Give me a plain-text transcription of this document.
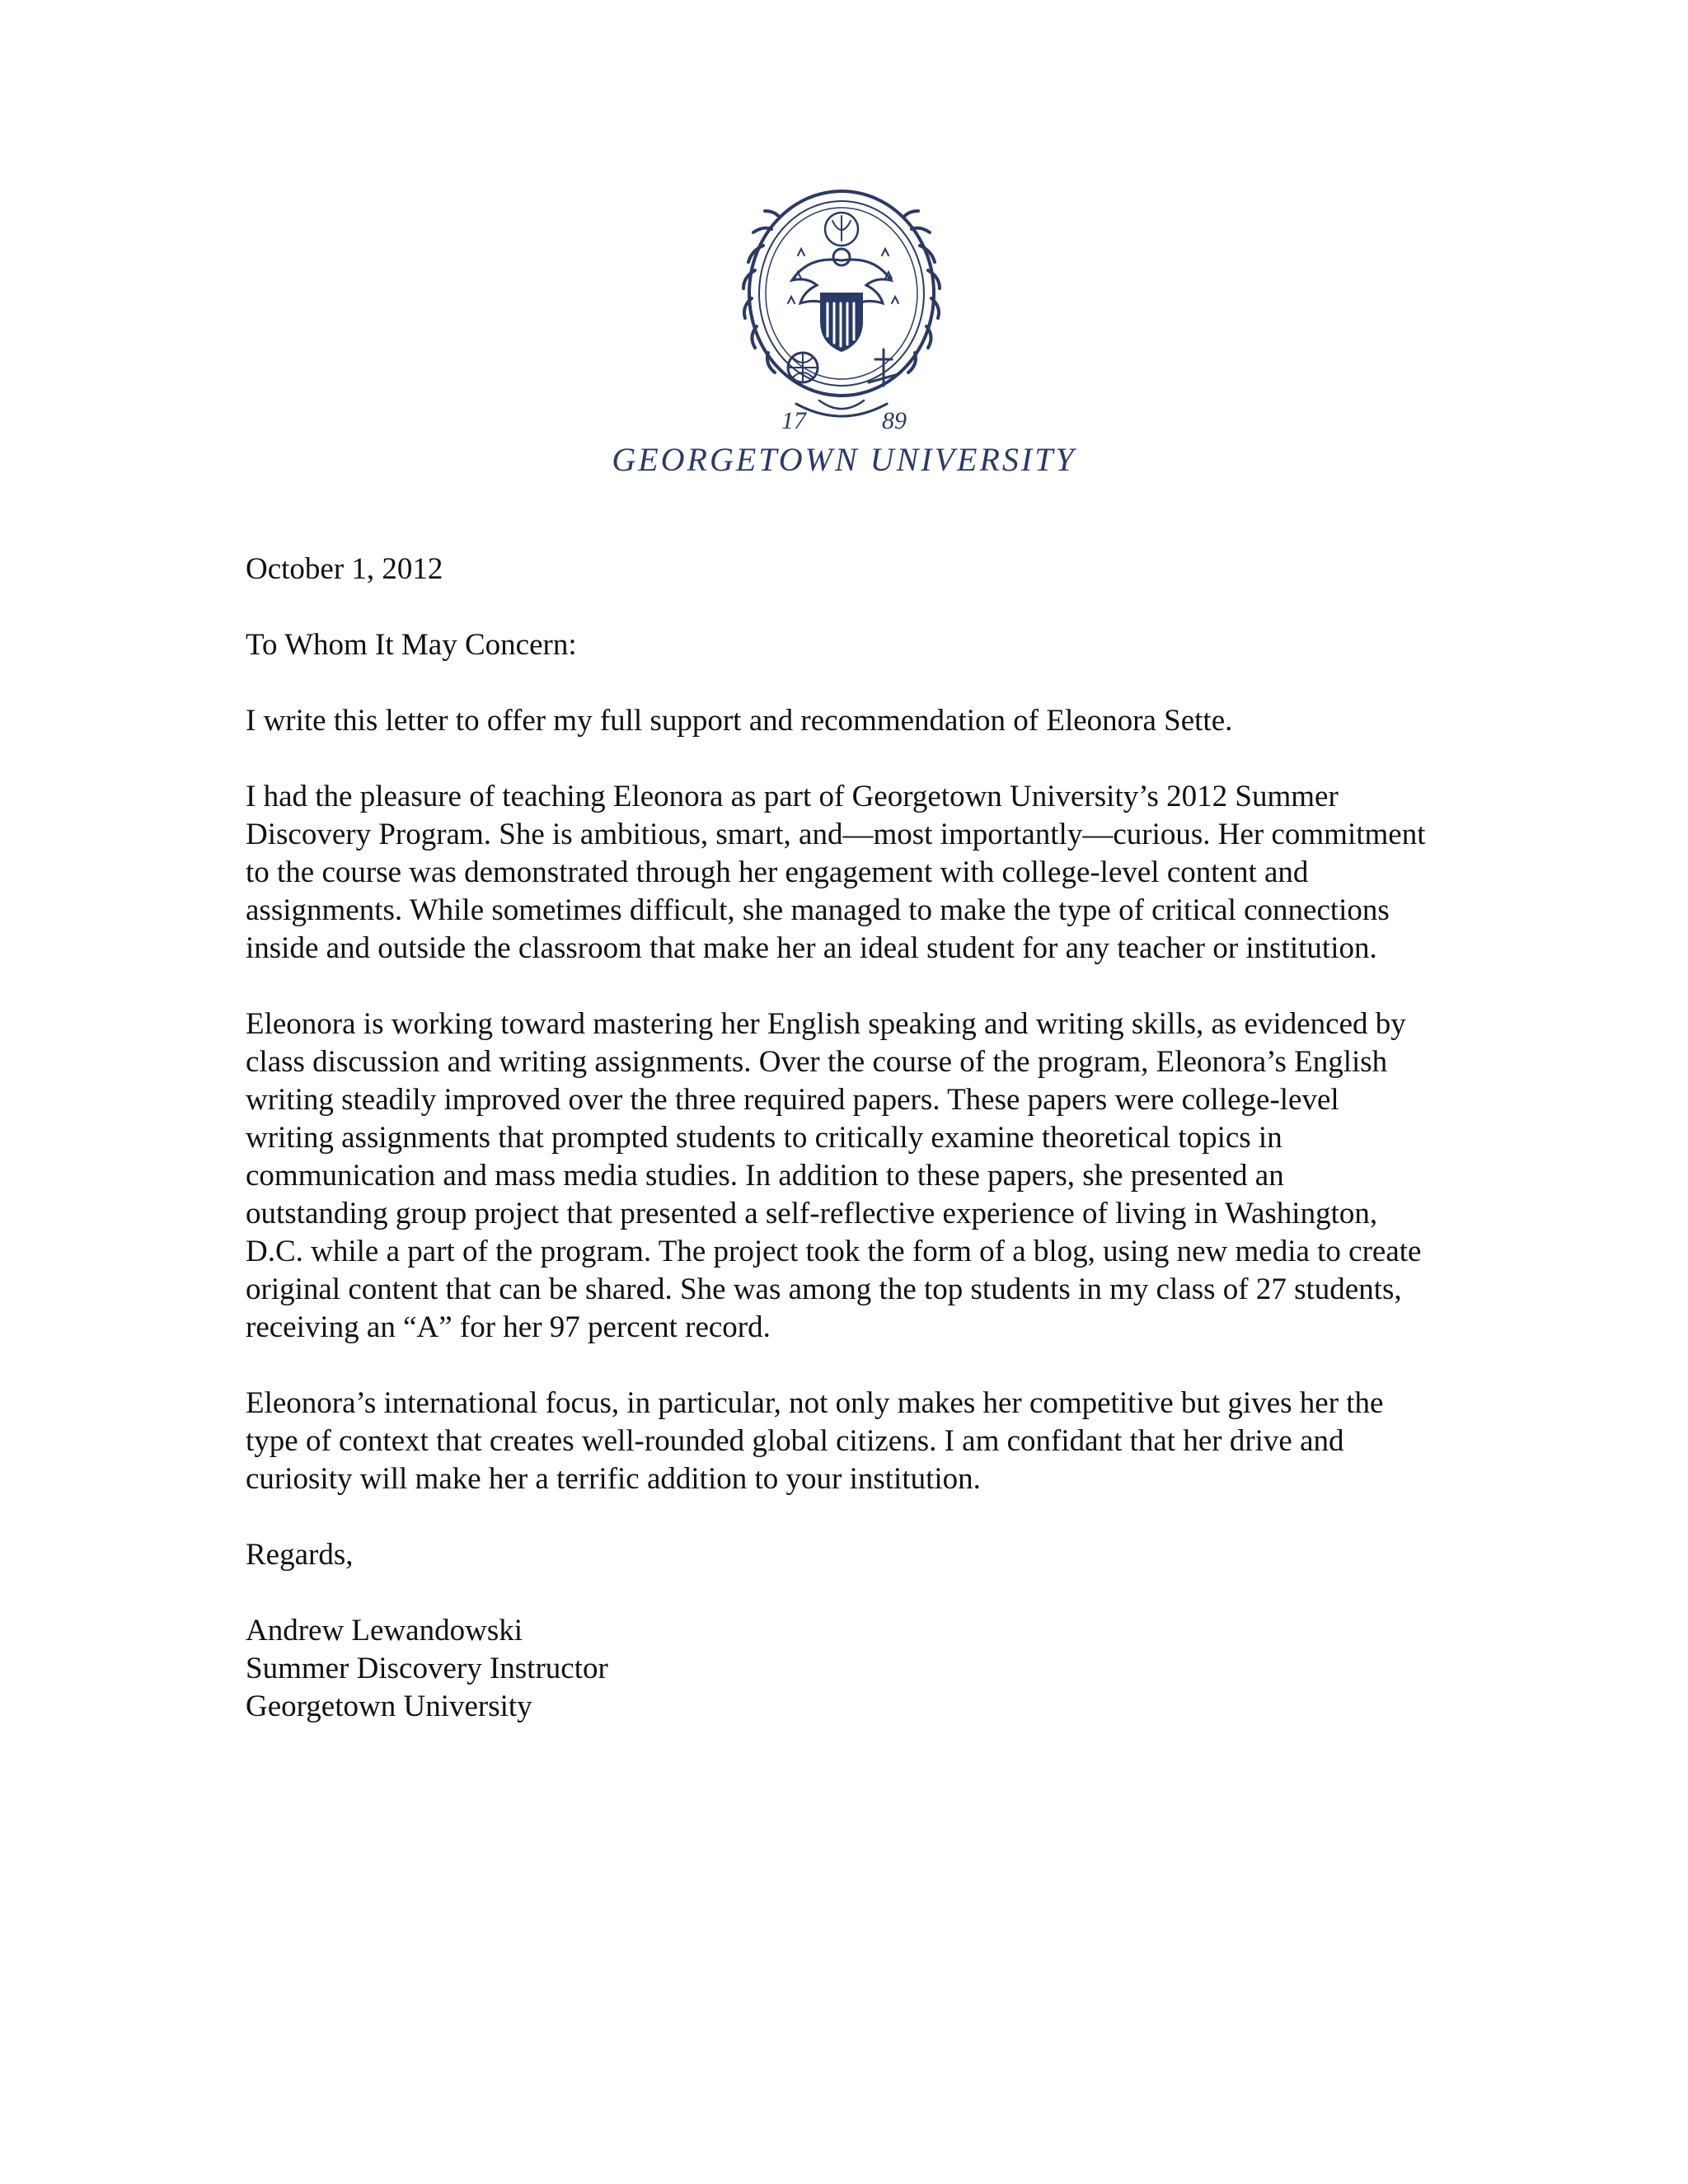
17	89
GEORGETOWN UNIVERSITY

October 1, 2012

To Whom It May Concern:

I write this letter to offer my full support and recommendation of Eleonora Sette.

I had the pleasure of teaching Eleonora as part of Georgetown University’s 2012 Summer Discovery Program. She is ambitious, smart, and—most importantly—curious. Her commitment to the course was demonstrated through her engagement with college-level content and assignments. While sometimes difficult, she managed to make the type of critical connections inside and outside the classroom that make her an ideal student for any teacher or institution.

Eleonora is working toward mastering her English speaking and writing skills, as evidenced by class discussion and writing assignments. Over the course of the program, Eleonora’s English writing steadily improved over the three required papers. These papers were college-level writing assignments that prompted students to critically examine theoretical topics in communication and mass media studies. In addition to these papers, she presented an outstanding group project that presented a self-reflective experience of living in Washington, D.C. while a part of the program. The project took the form of a blog, using new media to create original content that can be shared. She was among the top students in my class of 27 students, receiving an “A” for her 97 percent record.

Eleonora’s international focus, in particular, not only makes her competitive but gives her the type of context that creates well-rounded global citizens. I am confidant that her drive and curiosity will make her a terrific addition to your institution.

Regards,

Andrew Lewandowski

Summer Discovery Instructor

Georgetown University
